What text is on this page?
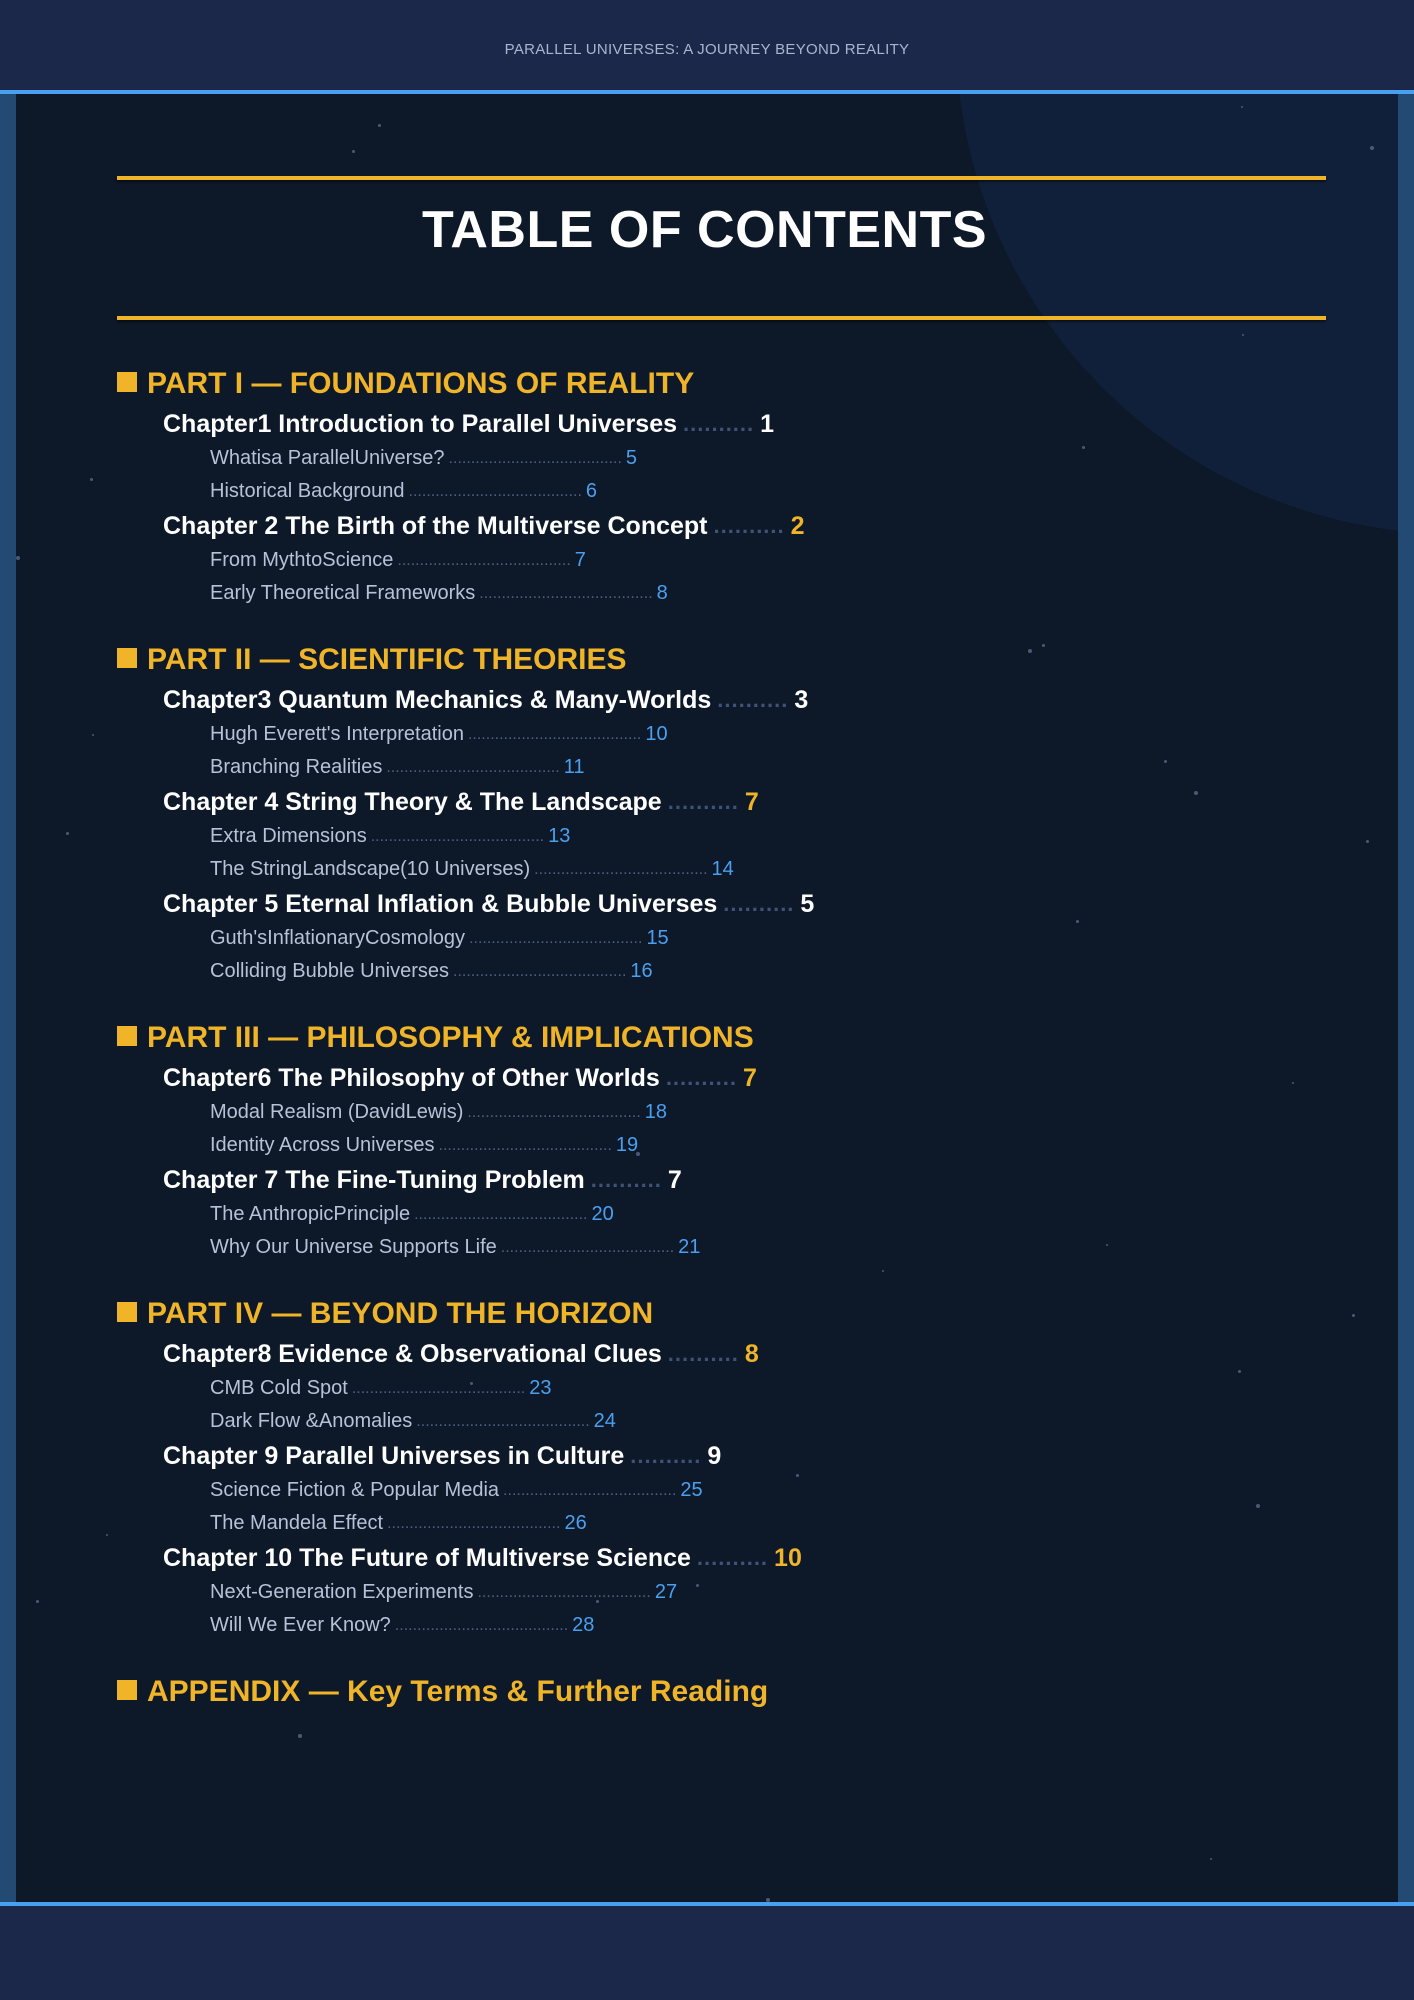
PARALLEL UNIVERSES: A JOURNEY BEYOND REALITY
TABLE OF CONTENTS
PART I — FOUNDATIONS OF REALITY
Chapter1 Introduction to Parallel Universes .......... 1
Whatisa ParallelUniverse? ....................................... 5
Historical Background ....................................... 6
Chapter 2 The Birth of the Multiverse Concept .......... 2
From MythtoScience ....................................... 7
Early Theoretical Frameworks ....................................... 8
PART II — SCIENTIFIC THEORIES
Chapter3 Quantum Mechanics & Many-Worlds .......... 3
Hugh Everett's Interpretation ....................................... 10
Branching Realities ....................................... 11
Chapter 4 String Theory & The Landscape .......... 7
Extra Dimensions ....................................... 13
The StringLandscape(10 Universes) ....................................... 14
Chapter 5 Eternal Inflation & Bubble Universes .......... 5
Guth'sInflationaryCosmology ....................................... 15
Colliding Bubble Universes ....................................... 16
PART III — PHILOSOPHY & IMPLICATIONS
Chapter6 The Philosophy of Other Worlds .......... 7
Modal Realism (DavidLewis) ....................................... 18
Identity Across Universes ....................................... 19
Chapter 7 The Fine-Tuning Problem .......... 7
The AnthropicPrinciple ....................................... 20
Why Our Universe Supports Life ....................................... 21
PART IV — BEYOND THE HORIZON
Chapter8 Evidence & Observational Clues .......... 8
CMB Cold Spot ....................................... 23
Dark Flow &Anomalies ....................................... 24
Chapter 9 Parallel Universes in Culture .......... 9
Science Fiction & Popular Media ....................................... 25
The Mandela Effect ....................................... 26
Chapter 10 The Future of Multiverse Science .......... 10
Next-Generation Experiments ....................................... 27
Will We Ever Know? ....................................... 28
APPENDIX — Key Terms & Further Reading
